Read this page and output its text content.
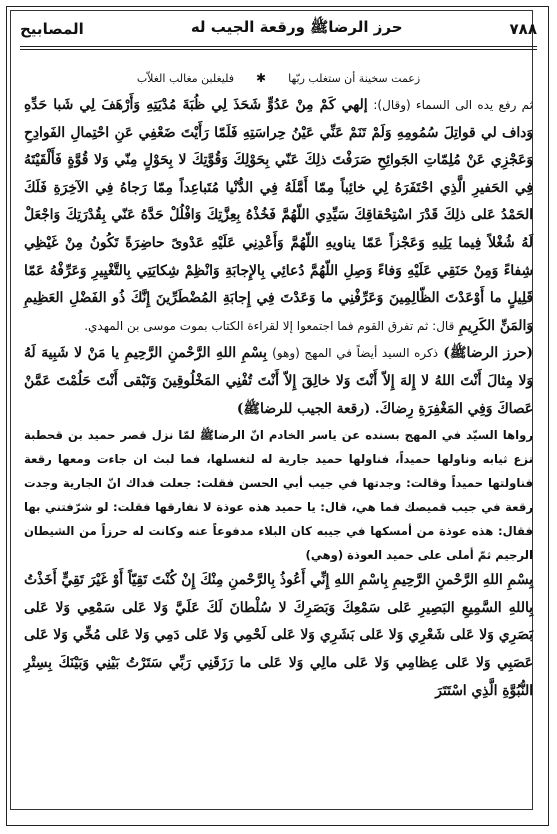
٧٨٨
حرز الرضاﷺ ورقعة الجيب له
المصابيح
زعمت سخينة أن ستغلب ربّها
✱
فليغلبن مغالب الغلاّب

ثم رفع يده الى السماء (وقال): إلهي كَمْ مِنْ عَدُوٍّ شَحَذَ لِي ظُبَةَ مُدْيَتِهِ وَأَرْهَفَ لِي شَبا حَدِّهِ وَداف لي قواتِلَ سُمُومِهِ وَلَمْ تَنَمْ عَنِّي عَيْنُ حِراسَتِهِ فَلَمّا رَأَيْتَ ضَعْفِي عَنِ احْتِمالِ الفَوادِحِ وَعَجْزِي عَنْ مُلِمّاتِ الجَوائِحِ صَرَفْتَ ذلِكَ عَنّي بِحَوْلِكَ وَقُوَّتِكَ لا بِحَوْلٍ مِنّي وَلا قُوَّةٍ فَأَلْقَيْتَهُ فِي الحَفيرِ الَّذِي احْتَفَرَهُ لِي خائِباً مِمّا أَمَّلَهُ فِي الدُّنْيا مُتَباعِداً مِمّا رَجاهُ فِي الآخِرَةِ فَلَكَ الحَمْدُ عَلى ذلِكَ قَدْرَ اسْتِحْقاقِكَ سَيِّدِي اللّهُمَّ فَخُذْهُ بِعِزَّتِكَ وَافْلُلْ حَدَّهُ عَنّي بِقُدْرَتِكَ وَاجْعَلْ لَهُ شُغْلاً فِيما يَلِيهِ وَعَجْزاً عَمّا يناويهِ اللّهُمَّ وَأَعْدِنِي عَلَيْهِ عَدْوىً حاضِرَةً تَكُونُ مِنْ غَيْظِي شِفاءً وَمِنْ حَنَقِي عَلَيْهِ وَفاءً وَصِلِ اللّهُمَّ دُعائِي بِالإِجابَةِ وَانْظِمْ شِكايَتِي بِالتَّغْيِيرِ وَعَرِّفْهُ عَمّا قَلِيلٍ ما أَوْعَدْتَ الظّالِمِينَ وَعَرِّفْنِي ما وَعَدْتَ فِي إِجابَةِ المُضْطَرِّينَ إِنَّكَ ذُو الفَضْلِ العَظِيمِ وَالمَنِّ الكَرِيمِ قال: ثم تفرق القوم فما اجتمعوا إلا لقراءة الكتاب بموت موسى بن المهدي.

(حرز الرضاﷺ) ذكره السيد أيضاً في المهج (وهو) بِسْمِ اللهِ الرَّحْمنِ الرَّحِيمِ يا مَنْ لا شَبِيهَ لَهُ وَلا مِثالَ أَنْتَ اللهُ لا إِلهَ إِلاّ أَنْتَ وَلا خالِقَ إِلاّ أَنْتَ تُفْنِي المَخْلُوقِينَ وَتَبْقى أَنْتَ حَلُمْتَ عَمَّنْ عَصاكَ وَفِي المَغْفِرَةِ رِضاكَ. (رقعة الجيب للرضاﷺ)

رواها السيّد في المهج بسنده عن ياسر الخادم انّ الرضاﷺ لمّا نزل قصر حميد بن قحطبة نزع ثيابه وناولها حميداً، فناولها حميد جارية له لتغسلها، فما لبث ان جاءت ومعها رقعة فناولتها حميداً وقالت: وجدتها في جيب أبي الحسن فقلت: جعلت فداك انّ الجارية وجدت رقعة في جيب قميصك فما هي، قال: يا حميد هذه عوذة لا نفارقها فقلت: لو شرّفتني بها فقال: هذه عوذة من أمسكها في جيبه كان البلاء مدفوعاً عنه وكانت له حرزاً من الشيطان الرجيم ثمّ أملى على حميد العوذة (وهي)

بِسْمِ اللهِ الرَّحْمنِ الرَّحِيمِ بِاسْمِ اللهِ إِنِّي أَعُوذُ بِالرَّحْمنِ مِنْكَ إِنْ كُنْتَ تَقِيّاً أَوْ غَيْرَ تَقِيٍّ أَخَذْتُ بِاللهِ السَّمِيعِ البَصِيرِ عَلى سَمْعِكَ وَبَصَرِكَ لا سُلْطانَ لَكَ عَلَيَّ وَلا عَلى سَمْعِي وَلا عَلى بَصَرِي وَلا عَلى شَعْرِي وَلا عَلى بَشَرِي وَلا عَلى لَحْمِي وَلا عَلى دَمِي وَلا عَلى مُخِّي وَلا عَلى عَصَبِي وَلا عَلى عِظامِي وَلا عَلى مالِي وَلا عَلى ما رَزَقَنِي رَبِّي سَتَرْتُ بَيْنِي وَبَيْنَكَ بِسِتْرِ النُّبُوَّةِ الَّذِي اسْتَتَرَ
